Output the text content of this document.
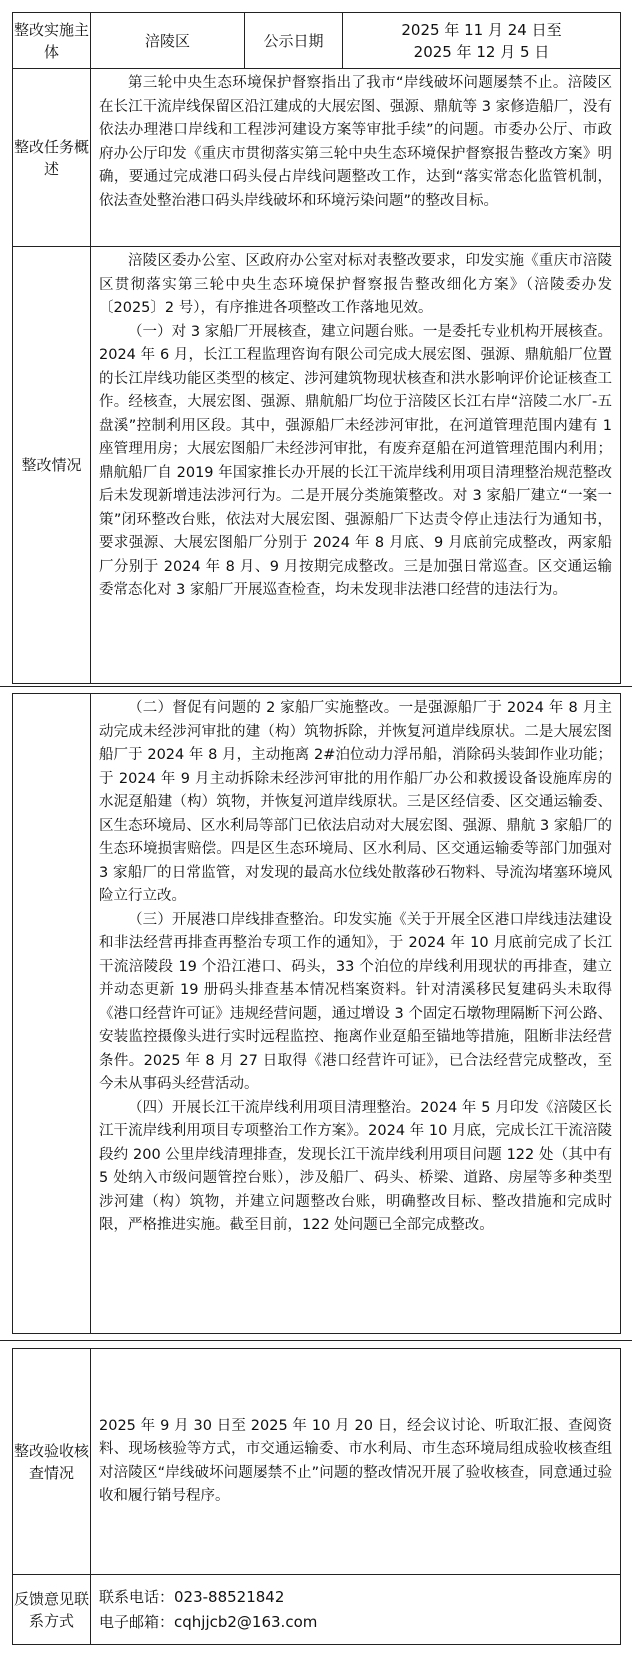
整改实施主体	涪陵区	公示日期	2025 年 11 月 24 日至 2025 年 12 月 5 日
整改任务概述	第三轮中央生态环境保护督察指出了我市“岸线破坏问题屡禁不止。涪陵区在长江干流岸线保留区沿江建成的大展宏图、强源、鼎航等 3 家修造船厂，没有依法办理港口岸线和工程涉河建设方案等审批手续”的问题。市委办公厅、市政府办公厅印发《重庆市贯彻落实第三轮中央生态环境保护督察报告整改方案》明确，要通过完成港口码头侵占岸线问题整改工作，达到“落实常态化监管机制，依法查处整治港口码头岸线破坏和环境污染问题”的整改目标。		

整改情况	涪陵区委办公室、区政府办公室对标对表整改要求，印发实施《重庆市涪陵区贯彻落实第三轮中央生态环境保护督察报告整改细化方案》（涪陵委办发〔2025〕2 号），有序推进各项整改工作落地见效。

（一）对 3 家船厂开展核查，建立问题台账。一是委托专业机构开展核查。2024 年 6 月，长江工程监理咨询有限公司完成大展宏图、强源、鼎航船厂位置的长江岸线功能区类型的核定、涉河建筑物现状核查和洪水影响评价论证核查工作。经核查，大展宏图、强源、鼎航船厂均位于涪陵区长江右岸“涪陵二水厂-五盘溪”控制利用区段。其中，强源船厂未经涉河审批，在河道管理范围内建有 1 座管理用房；大展宏图船厂未经涉河审批，有废弃趸船在河道管理范围内利用；鼎航船厂自 2019 年国家推长办开展的长江干流岸线利用项目清理整治规范整改后未发现新增违法涉河行为。二是开展分类施策整改。对 3 家船厂建立“一案一策”闭环整改台账，依法对大展宏图、强源船厂下达责令停止违法行为通知书，要求强源、大展宏图船厂分别于 2024 年 8 月底、9 月底前完成整改，两家船厂分别于 2024 年 8 月、9 月按期完成整改。三是加强日常巡查。区交通运输委常态化对 3 家船厂开展巡查检查，均未发现非法港口经营的违法行为。		

（二）督促有问题的 2 家船厂实施整改。一是强源船厂于 2024 年 8 月主动完成未经涉河审批的建（构）筑物拆除，并恢复河道岸线原状。二是大展宏图船厂于 2024 年 8 月，主动拖离 2#泊位动力浮吊船，消除码头装卸作业功能；于 2024 年 9 月主动拆除未经涉河审批的用作船厂办公和救援设备设施库房的水泥趸船建（构）筑物，并恢复河道岸线原状。三是区经信委、区交通运输委、区生态环境局、区水利局等部门已依法启动对大展宏图、强源、鼎航 3 家船厂的生态环境损害赔偿。四是区生态环境局、区水利局、区交通运输委等部门加强对 3 家船厂的日常监管，对发现的最高水位线处散落砂石物料、导流沟堵塞环境风险立行立改。

（三）开展港口岸线排查整治。印发实施《关于开展全区港口岸线违法建设和非法经营再排查再整治专项工作的通知》，于 2024 年 10 月底前完成了长江干流涪陵段 19 个沿江港口、码头，33 个泊位的岸线利用现状的再排查，建立并动态更新 19 册码头排查基本情况档案资料。针对清溪移民复建码头未取得《港口经营许可证》违规经营问题，通过增设 3 个固定石墩物理隔断下河公路、安装监控摄像头进行实时远程监控、拖离作业趸船至锚地等措施，阻断非法经营条件。2025 年 8 月 27 日取得《港口经营许可证》，已合法经营完成整改，至今未从事码头经营活动。

（四）开展长江干流岸线利用项目清理整治。2024 年 5 月印发《涪陵区长江干流岸线利用项目专项整治工作方案》。2024 年 10 月底，完成长江干流涪陵段约 200 公里岸线清理排查，发现长江干流岸线利用项目问题 122 处（其中有 5 处纳入市级问题管控台账），涉及船厂、码头、桥梁、道路、房屋等多种类型涉河建（构）筑物，并建立问题整改台账，明确整改目标、整改措施和完成时限，严格推进实施。截至目前，122 处问题已全部完成整改。

整改验收核查情况	2025 年 9 月 30 日至 2025 年 10 月 20 日，经会议讨论、听取汇报、查阅资料、现场核验等方式，市交通运输委、市水利局、市生态环境局组成验收核查组对涪陵区“岸线破坏问题屡禁不止”问题的整改情况开展了验收核查，同意通过验收和履行销号程序。

反馈意见联系方式	联系电话：023-88521842
电子邮箱：cqhjjcb2@163.com
